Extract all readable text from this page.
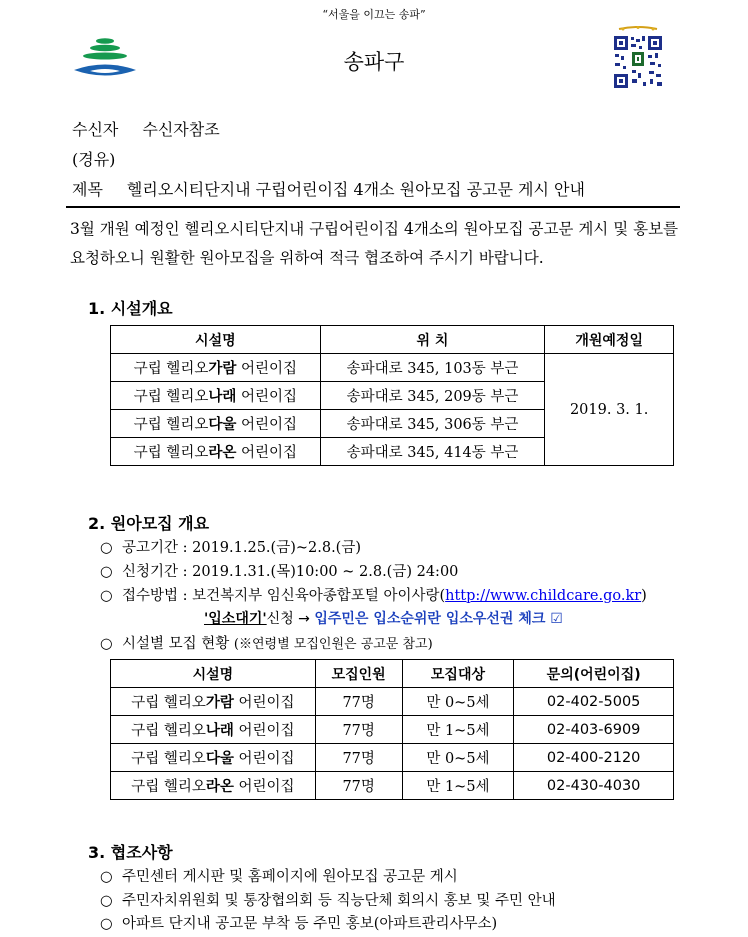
“서울을 이끄는 송파”
송파구
수신자 수신자참조
(경유)
제목 헬리오시티단지내 구립어린이집 4개소 원아모집 공고문 게시 안내
3월 개원 예정인 헬리오시티단지내 구립어린이집 4개소의 원아모집 공고문 게시 및 홍보를 요청하오니 원활한 원아모집을 위하여 적극 협조하여 주시기 바랍니다.
1. 시설개요
시설명	위 치	개원예정일
구립 헬리오가람 어린이집	송파대로 345, 103동 부근	2019. 3. 1.
구립 헬리오나래 어린이집	송파대로 345, 209동 부근	
구립 헬리오다울 어린이집	송파대로 345, 306동 부근	
구립 헬리오라온 어린이집	송파대로 345, 414동 부근	
2. 원아모집 개요
○ 공고기간 : 2019.1.25.(금)~2.8.(금)
○ 신청기간 : 2019.1.31.(목)10:00 ~ 2.8.(금) 24:00
○ 접수방법 : 보건복지부 임신육아종합포털 아이사랑(http://www.childcare.go.kr)
'입소대기'신청 → 입주민은 입소순위란 입소우선권 체크 ☑
○ 시설별 모집 현황 (※연령별 모집인원은 공고문 참고)
시설명	모집인원	모집대상	문의(어린이집)
구립 헬리오가람 어린이집	77명	만 0~5세	02-402-5005
구립 헬리오나래 어린이집	77명	만 1~5세	02-403-6909
구립 헬리오다울 어린이집	77명	만 0~5세	02-400-2120
구립 헬리오라온 어린이집	77명	만 1~5세	02-430-4030
3. 협조사항
○ 주민센터 게시판 및 홈페이지에 원아모집 공고문 게시
○ 주민자치위원회 및 통장협의회 등 직능단체 회의시 홍보 및 주민 안내
○ 아파트 단지내 공고문 부착 등 주민 홍보(아파트관리사무소)
